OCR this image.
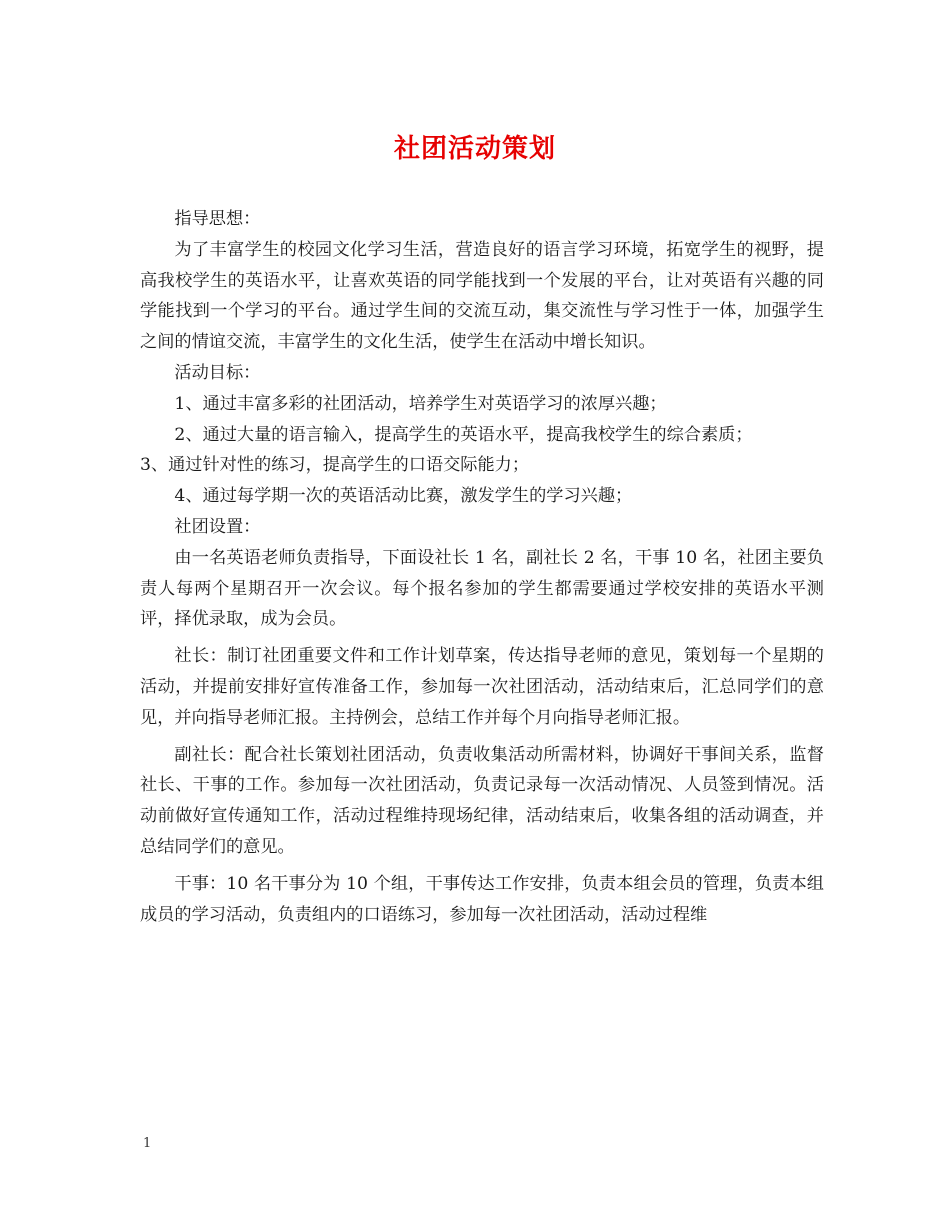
社团活动策划

指导思想：

为了丰富学生的校园文化学习生活，营造良好的语言学习环境，拓宽学生的视野，提高我校学生的英语水平，让喜欢英语的同学能找到一个发展的平台，让对英语有兴趣的同学能找到一个学习的平台。通过学生间的交流互动，集交流性与学习性于一体，加强学生之间的情谊交流，丰富学生的文化生活，使学生在活动中增长知识。

活动目标：

1、通过丰富多彩的社团活动，培养学生对英语学习的浓厚兴趣；

2、通过大量的语言输入，提高学生的英语水平，提高我校学生的综合素质；

3、通过针对性的练习，提高学生的口语交际能力；

4、通过每学期一次的英语活动比赛，激发学生的学习兴趣；

社团设置：

由一名英语老师负责指导，下面设社长 1 名，副社长 2 名，干事 10 名，社团主要负责人每两个星期召开一次会议。每个报名参加的学生都需要通过学校安排的英语水平测评，择优录取，成为会员。

社长：制订社团重要文件和工作计划草案，传达指导老师的意见，策划每一个星期的活动，并提前安排好宣传准备工作，参加每一次社团活动，活动结束后，汇总同学们的意见，并向指导老师汇报。主持例会，总结工作并每个月向指导老师汇报。

副社长：配合社长策划社团活动，负责收集活动所需材料，协调好干事间关系，监督社长、干事的工作。参加每一次社团活动，负责记录每一次活动情况、人员签到情况。活动前做好宣传通知工作，活动过程维持现场纪律，活动结束后，收集各组的活动调查，并总结同学们的意见。

干事：10 名干事分为 10 个组，干事传达工作安排，负责本组会员的管理，负责本组成员的学习活动，负责组内的口语练习，参加每一次社团活动，活动过程维

1
